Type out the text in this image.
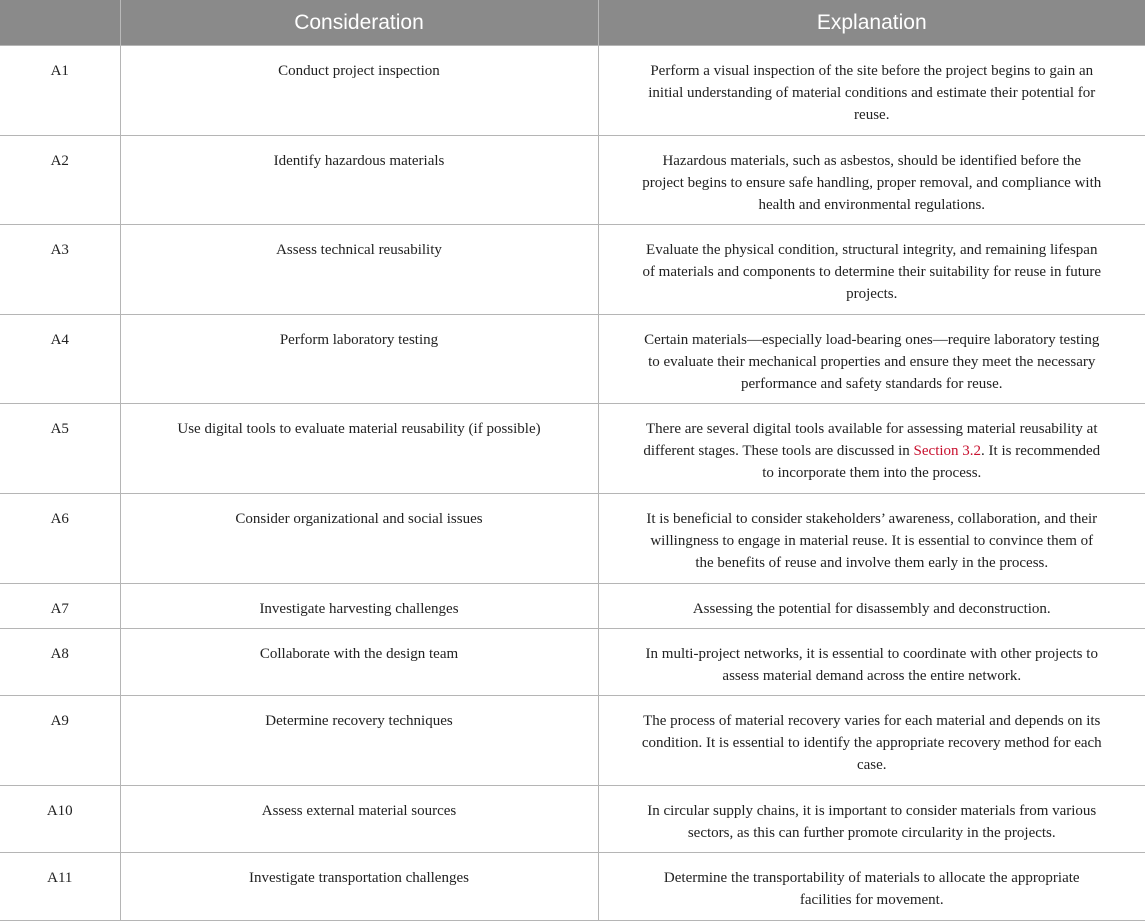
	Consideration	Explanation
A1	Conduct project inspection	Perform a visual inspection of the site before the project begins to gain an initial understanding of material conditions and estimate their potential for reuse.
A2	Identify hazardous materials	Hazardous materials, such as asbestos, should be identified before the project begins to ensure safe handling, proper removal, and compliance with health and environmental regulations.
A3	Assess technical reusability	Evaluate the physical condition, structural integrity, and remaining lifespan of materials and components to determine their suitability for reuse in future projects.
A4	Perform laboratory testing	Certain materials—especially load-bearing ones—require laboratory testing to evaluate their mechanical properties and ensure they meet the necessary performance and safety standards for reuse.
A5	Use digital tools to evaluate material reusability (if possible)	There are several digital tools available for assessing material reusability at different stages. These tools are discussed in Section 3.2. It is recommended to incorporate them into the process.
A6	Consider organizational and social issues	It is beneficial to consider stakeholders’ awareness, collaboration, and their willingness to engage in material reuse. It is essential to convince them of the benefits of reuse and involve them early in the process.
A7	Investigate harvesting challenges	Assessing the potential for disassembly and deconstruction.
A8	Collaborate with the design team	In multi-project networks, it is essential to coordinate with other projects to assess material demand across the entire network.
A9	Determine recovery techniques	The process of material recovery varies for each material and depends on its condition. It is essential to identify the appropriate recovery method for each case.
A10	Assess external material sources	In circular supply chains, it is important to consider materials from various sectors, as this can further promote circularity in the projects.
A11	Investigate transportation challenges	Determine the transportability of materials to allocate the appropriate facilities for movement.
